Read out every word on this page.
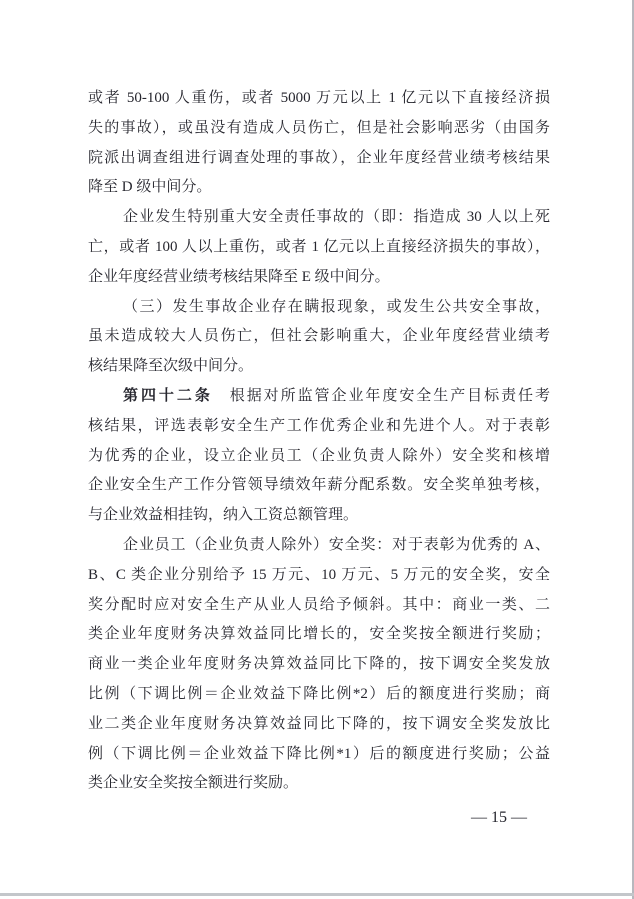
或者 50-100 人重伤，或者 5000 万元以上 1 亿元以下直接经济损
失的事故），或虽没有造成人员伤亡，但是社会影响恶劣（由国务
院派出调查组进行调查处理的事故），企业年度经营业绩考核结果
降至 D 级中间分。
企业发生特别重大安全责任事故的（即：指造成 30 人以上死
亡，或者 100 人以上重伤，或者 1 亿元以上直接经济损失的事故），
企业年度经营业绩考核结果降至 E 级中间分。
（三）发生事故企业存在瞒报现象，或发生公共安全事故，
虽未造成较大人员伤亡，但社会影响重大，企业年度经营业绩考
核结果降至次级中间分。
第四十二条　根据对所监管企业年度安全生产目标责任考
核结果，评选表彰安全生产工作优秀企业和先进个人。对于表彰
为优秀的企业，设立企业员工（企业负责人除外）安全奖和核增
企业安全生产工作分管领导绩效年薪分配系数。安全奖单独考核，
与企业效益相挂钩，纳入工资总额管理。
企业员工（企业负责人除外）安全奖：对于表彰为优秀的 A、
B、C 类企业分别给予 15 万元、10 万元、5 万元的安全奖，安全
奖分配时应对安全生产从业人员给予倾斜。其中：商业一类、二
类企业年度财务决算效益同比增长的，安全奖按全额进行奖励；
商业一类企业年度财务决算效益同比下降的，按下调安全奖发放
比例（下调比例＝企业效益下降比例*2）后的额度进行奖励；商
业二类企业年度财务决算效益同比下降的，按下调安全奖发放比
例（下调比例＝企业效益下降比例*1）后的额度进行奖励；公益
类企业安全奖按全额进行奖励。
— 15 —
